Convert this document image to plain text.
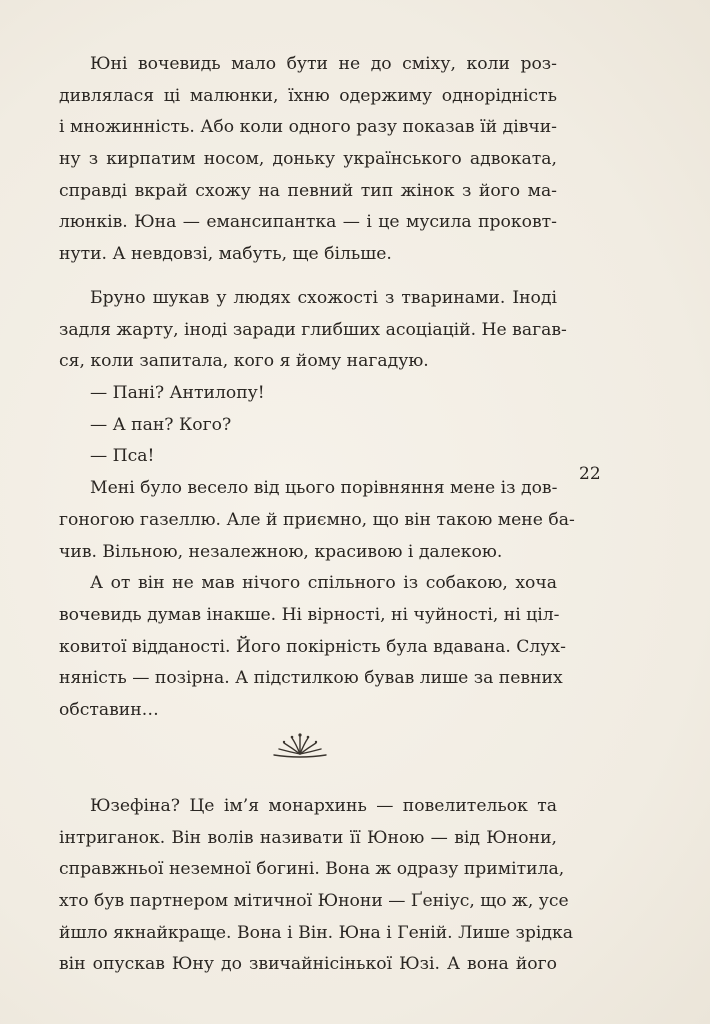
Юні вочевидь мало бути не до сміху, коли роз-
дивлялася ці малюнки, їхню одержиму однорідність
і множинність. Або коли одного разу показав їй дівчи-
ну з кирпатим носом, доньку українського адвоката,
справді вкрай схожу на певний тип жінок з його ма-
люнків. Юна — емансипантка — і це мусила проковт-
нути. А невдовзі, мабуть, ще більше.
Бруно шукав у людях схожості з тваринами. Іноді
задля жарту, іноді заради глибших асоціацій. Не вагав-
ся, коли запитала, кого я йому нагадую.
— Пані? Антилопу!
— А пан? Кого?
— Пса!
Мені було весело від цього порівняння мене із дов-
гоногою газеллю. Але й приємно, що він такою мене ба-
чив. Вільною, незалежною, красивою і далекою.
А от він не мав нічого спільного із собакою, хоча
вочевидь думав інакше. Ні вірності, ні чуйності, ні цiл-
ковитої відданості. Його покірність була вдавана. Слух-
няність — позірна. А підстилкою бував лише за певних
обставин…
Юзефіна? Це ім’я монархинь — повелительок та
інтриганок. Він волів називати її Юною — від Юнони,
справжньої неземної богині. Вона ж одразу примітила,
хто був партнером мітичної Юнони — Ґеніус, що ж, усе
йшло якнайкраще. Вона і Він. Юна і Геній. Лише зрідка
він опускав Юну до звичайнісінької Юзі. А вона його
22
